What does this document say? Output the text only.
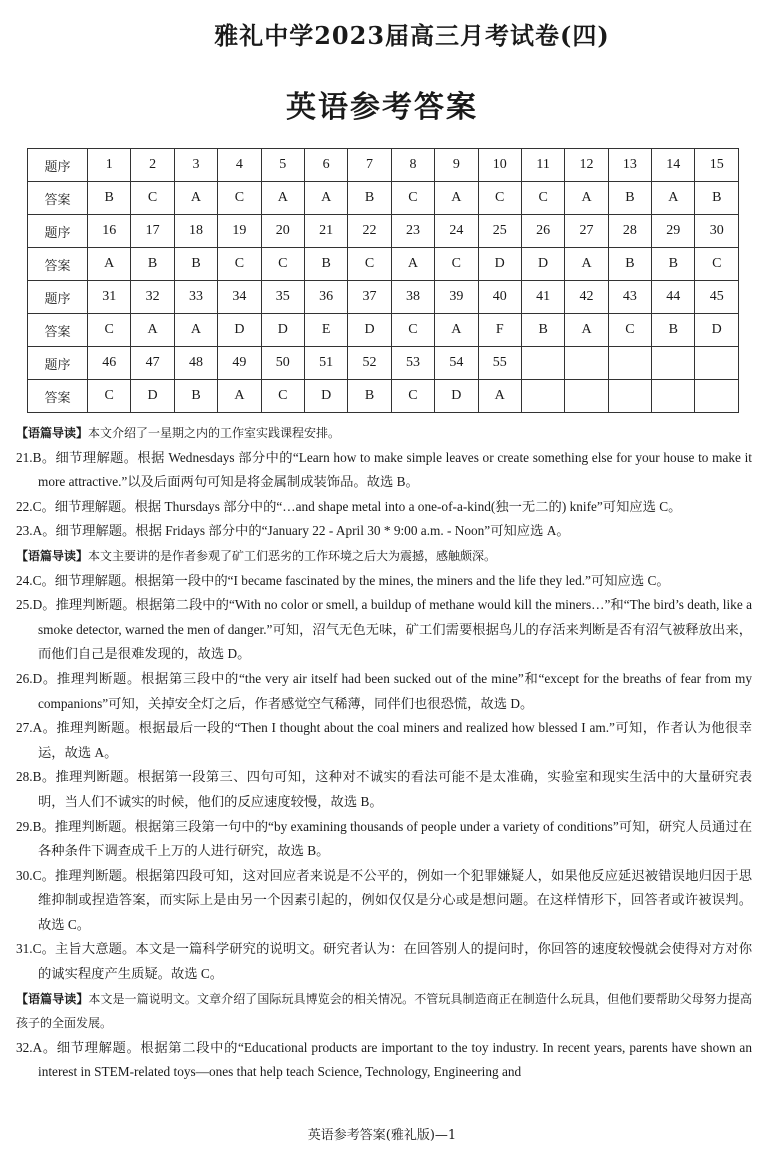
雅礼中学2023届高三月考试卷(四)
英语参考答案
题序	1	2	3	4	5	6	7	8	9	10	11	12	13	14	15
答案	B	C	A	C	A	A	B	C	A	C	C	A	B	A	B
题序	16	17	18	19	20	21	22	23	24	25	26	27	28	29	30
答案	A	B	B	C	C	B	C	A	C	D	D	A	B	B	C
题序	31	32	33	34	35	36	37	38	39	40	41	42	43	44	45
答案	C	A	A	D	D	E	D	C	A	F	B	A	C	B	D
题序	46	47	48	49	50	51	52	53	54	55					
答案	C	D	B	A	C	D	B	C	D	A					

【语篇导读】本文介绍了一星期之内的工作室实践课程安排。

21.B。细节理解题。根据 Wednesdays 部分中的“Learn how to make simple leaves or create something else for your house to make it more attractive.”以及后面两句可知是将金属制成装饰品。故选 B。

22.C。细节理解题。根据 Thursdays 部分中的“…and shape metal into a one-of-a-kind(独一无二的) knife”可知应选 C。

23.A。细节理解题。根据 Fridays 部分中的“January 22 - April 30 * 9:00 a.m. - Noon”可知应选 A。

【语篇导读】本文主要讲的是作者参观了矿工们恶劣的工作环境之后大为震撼，感触颇深。

24.C。细节理解题。根据第一段中的“I became fascinated by the mines, the miners and the life they led.”可知应选 C。

25.D。推理判断题。根据第二段中的“With no color or smell, a buildup of methane would kill the miners…”和“The bird’s death, like a smoke detector, warned the men of danger.”可知，沼气无色无味，矿工们需要根据鸟儿的存活来判断是否有沼气被释放出来，而他们自己是很难发现的，故选 D。

26.D。推理判断题。根据第三段中的“the very air itself had been sucked out of the mine”和“except for the breaths of fear from my companions”可知，关掉安全灯之后，作者感觉空气稀薄，同伴们也很恐慌，故选 D。

27.A。推理判断题。根据最后一段的“Then I thought about the coal miners and realized how blessed I am.”可知，作者认为他很幸运，故选 A。

28.B。推理判断题。根据第一段第三、四句可知，这种对不诚实的看法可能不是太准确，实验室和现实生活中的大量研究表明，当人们不诚实的时候，他们的反应速度较慢，故选 B。

29.B。推理判断题。根据第三段第一句中的“by examining thousands of people under a variety of conditions”可知，研究人员通过在各种条件下调查成千上万的人进行研究，故选 B。

30.C。推理判断题。根据第四段可知，这对回应者来说是不公平的，例如一个犯罪嫌疑人，如果他反应延迟被错误地归因于思维抑制或捏造答案，而实际上是由另一个因素引起的，例如仅仅是分心或是想问题。在这样情形下，回答者或许被误判。故选 C。

31.C。主旨大意题。本文是一篇科学研究的说明文。研究者认为：在回答别人的提问时，你回答的速度较慢就会使得对方对你的诚实程度产生质疑。故选 C。

【语篇导读】本文是一篇说明文。文章介绍了国际玩具博览会的相关情况。不管玩具制造商正在制造什么玩具，但他们要帮助父母努力提高孩子的全面发展。

32.A。细节理解题。根据第二段中的“Educational products are important to the toy industry. In recent years, parents have shown an interest in STEM-related toys—ones that help teach Science, Technology, Engineering and

英语参考答案(雅礼版)—1
